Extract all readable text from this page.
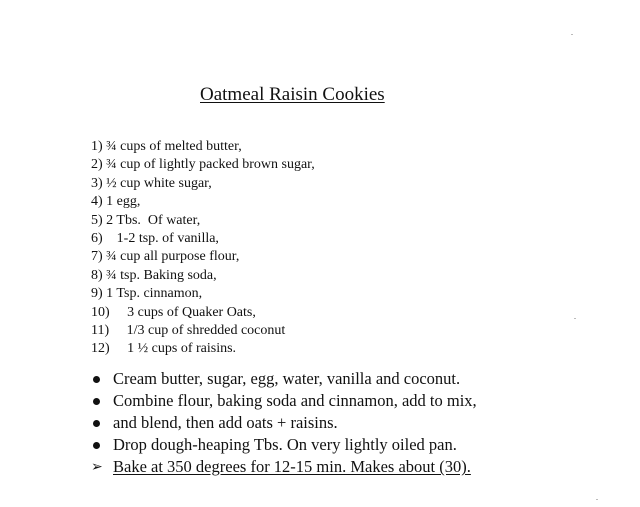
Oatmeal Raisin Cookies
1) ¾ cups of melted butter,
2) ¾ cup of lightly packed brown sugar,
3) ½ cup white sugar,
4) 1 egg,
5) 2 Tbs.  Of water,
6) 1-2 tsp. of vanilla,
7) ¾ cup all purpose flour,
8) ¾ tsp. Baking soda,
9) 1 Tsp. cinnamon,
10) 3 cups of Quaker Oats,
11) 1/3 cup of shredded coconut
12) 1 ½ cups of raisins.
Cream butter, sugar, egg, water, vanilla and coconut.
Combine flour, baking soda and cinnamon, add to mix,
and blend, then add oats + raisins.
Drop dough-heaping Tbs. On very lightly oiled pan.
➢ Bake at 350 degrees for 12-15 min. Makes about (30).
